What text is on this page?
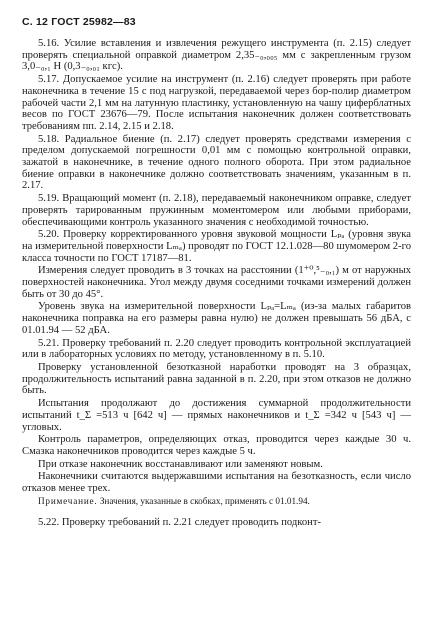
С. 12 ГОСТ 25982—83

5.16. Усилие вставления и извлечения режущего инструмента (п. 2.15) следует проверять специальной оправкой диаметром 2,35₋₀,₀₀₅ мм с закрепленным грузом 3,0₋₀,₁ Н (0,3₋₀,₀₁ кгс).

5.17. Допускаемое усилие на инструмент (п. 2.16) следует проверять при работе наконечника в течение 15 с под нагрузкой, передаваемой через бор-полир диаметром рабочей части 2,1 мм на латунную пластинку, установленную на чашу циферблатных весов по ГОСТ 23676—79. После испытания наконечник должен соответствовать требованиям пп. 2.14, 2.15 и 2.18.

5.18. Радиальное биение (п. 2.17) следует проверять средствами измерения с пределом допускаемой погрешности 0,01 мм с помощью контрольной оправки, зажатой в наконечнике, в течение одного полного оборота. При этом радиальное биение оправки в наконечнике должно соответствовать значениям, указанным в п. 2.17.

5.19. Вращающий момент (п. 2.18), передаваемый наконечником оправке, следует проверять тарированным пружинным моментомером или любыми приборами, обеспечивающими контроль указанного значения с необходимой точностью.

5.20. Проверку корректированного уровня звуковой мощности Lₚₐ (уровня звука на измерительной поверхности Lₘₐ) проводят по ГОСТ 12.1.028—80 шумомером 2-го класса точности по ГОСТ 17187—81.

Измерения следует проводить в 3 точках на расстоянии (1⁺⁰,⁵₋₀,₁) м от наружных поверхностей наконечника. Угол между двумя соседними точками измерений должен быть от 30 до 45°.

Уровень звука на измерительной поверхности Lₚₐ=Lₘₐ (из-за малых габаритов наконечника поправка на его размеры равна нулю) не должен превышать 56 дБА, с 01.01.94 — 52 дБА.

5.21. Проверку требований п. 2.20 следует проводить контрольной эксплуатацией или в лабораторных условиях по методу, установленному в п. 5.10.

Проверку установленной безотказной наработки проводят на 3 образцах, продолжительность испытаний равна заданной в п. 2.20, при этом отказов не должно быть.

Испытания продолжают до достижения суммарной продолжительности испытаний t_Σ =513 ч [642 ч] — прямых наконечников и t_Σ =342 ч [543 ч] — угловых.

Контроль параметров, определяющих отказ, проводится через каждые 30 ч. Смазка наконечников проводится через каждые 5 ч.

При отказе наконечник восстанавливают или заменяют новым.

Наконечники считаются выдержавшими испытания на безотказность, если число отказов менее трех.

Примечание. Значения, указанные в скобках, применять с 01.01.94.

5.22. Проверку требований п. 2.21 следует проводить подконт-
